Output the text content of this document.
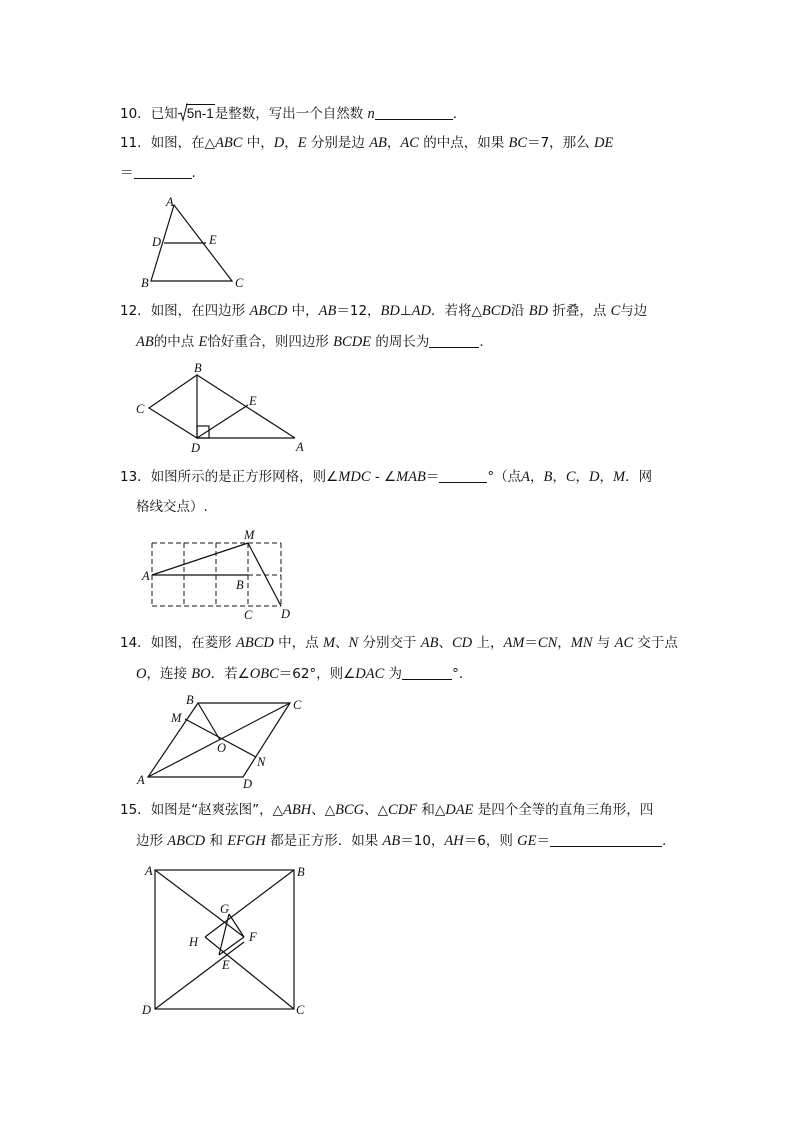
10．已知 5n-1是整数，写出一个自然数 n	.
11．如图，在△ABC 中，D，E 分别是边 AB，AC 的中点，如果 BC＝7，那么 DE
＝	.
A
D	E
B	C
12．如图，在四边形 ABCD 中，AB＝12，BD⊥AD．若将△BCD沿 BD 折叠，点 C与边
AB的中点 E恰好重合，则四边形 BCDE 的周长为	.
B
C
E
D	A
13．如图所示的是正方形网格，则∠MDC - ∠MAB＝	°（点A，B，C，D，M．网
格线交点）.
M
A
B
C D
14．如图，在菱形 ABCD 中，点 M、N 分别交于 AB、CD 上，AM＝CN，MN 与 AC 交于点
O，连接 BO．若∠OBC＝62°，则∠DAC 为	°．
B	C
M
O
N
A	D
15．如图是“赵爽弦图”，△ABH、△BCG、△CDF 和△DAE 是四个全等的直角三角形，四
边形 ABCD 和 EFGH 都是正方形．如果 AB＝10，AH＝6，则 GE＝	.
A	B
G
H	F
E
D	C
